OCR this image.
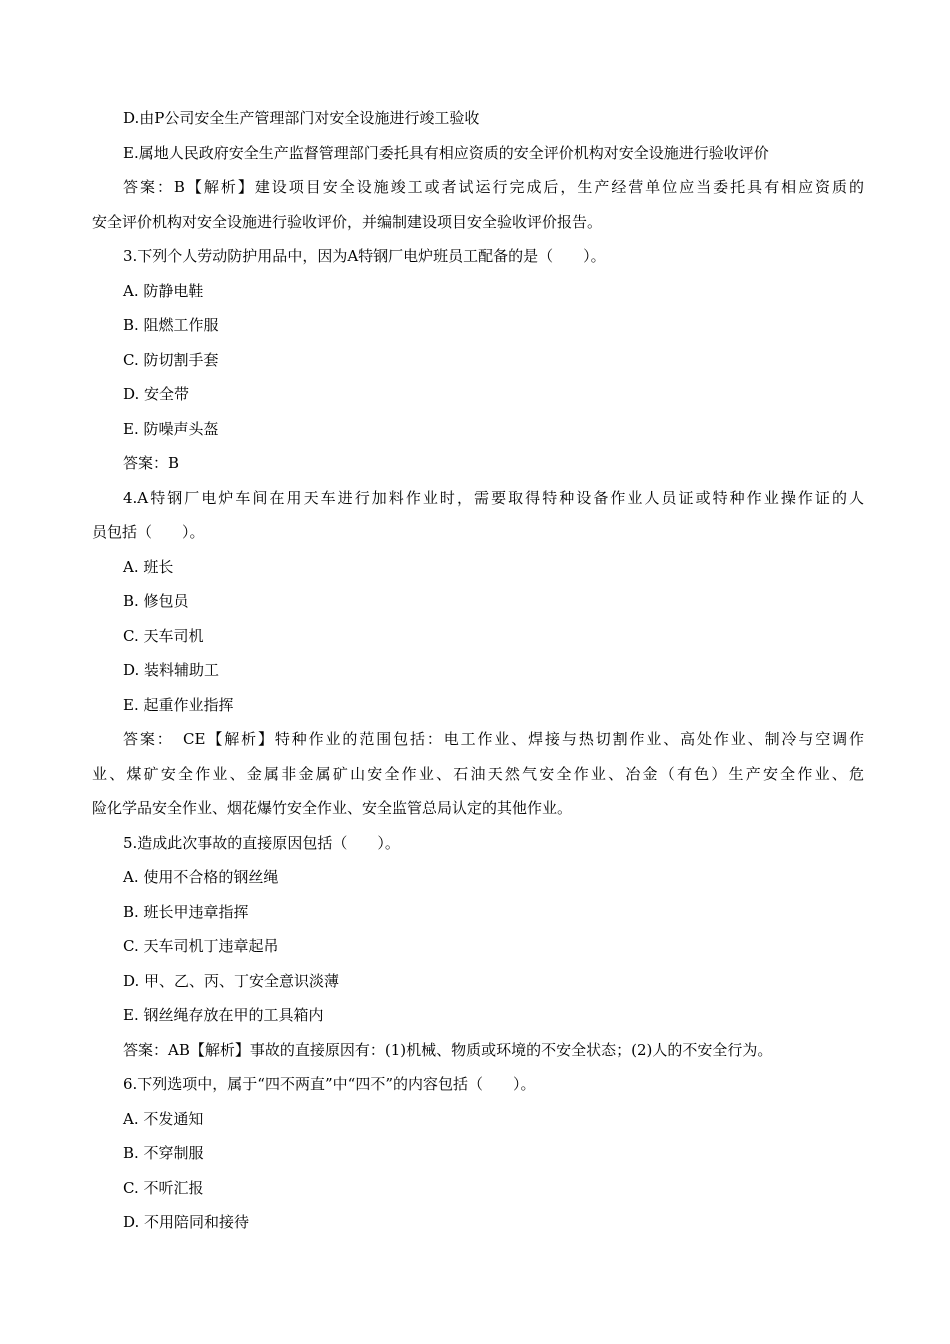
D.由P公司安全生产管理部门对安全设施进行竣工验收
E.属地人民政府安全生产监督管理部门委托具有相应资质的安全评价机构对安全设施进行验收评价
答案：B【解析】建设项目安全设施竣工或者试运行完成后，生产经营单位应当委托具有相应资质的
安全评价机构对安全设施进行验收评价，并编制建设项目安全验收评价报告。
3.下列个人劳动防护用品中，因为A特钢厂电炉班员工配备的是（　　）。
A. 防静电鞋
B. 阻燃工作服
C. 防切割手套
D. 安全带
E. 防噪声头盔
答案：B
4.A特钢厂电炉车间在用天车进行加料作业时，需要取得特种设备作业人员证或特种作业操作证的人
员包括（　　）。
A. 班长
B. 修包员
C. 天车司机
D. 装料辅助工
E. 起重作业指挥
答案：　CE【解析】特种作业的范围包括：电工作业、焊接与热切割作业、高处作业、制冷与空调作
业、煤矿安全作业、金属非金属矿山安全作业、石油天然气安全作业、冶金（有色）生产安全作业、危
险化学品安全作业、烟花爆竹安全作业、安全监管总局认定的其他作业。
5.造成此次事故的直接原因包括（　　）。
A. 使用不合格的钢丝绳
B. 班长甲违章指挥
C. 天车司机丁违章起吊
D. 甲、乙、丙、丁安全意识淡薄
E. 钢丝绳存放在甲的工具箱内
答案：AB【解析】事故的直接原因有：(1)机械、物质或环境的不安全状态；(2)人的不安全行为。
6.下列选项中，属于“四不两直”中“四不”的内容包括（　　）。
A. 不发通知
B. 不穿制服
C. 不听汇报
D. 不用陪同和接待
